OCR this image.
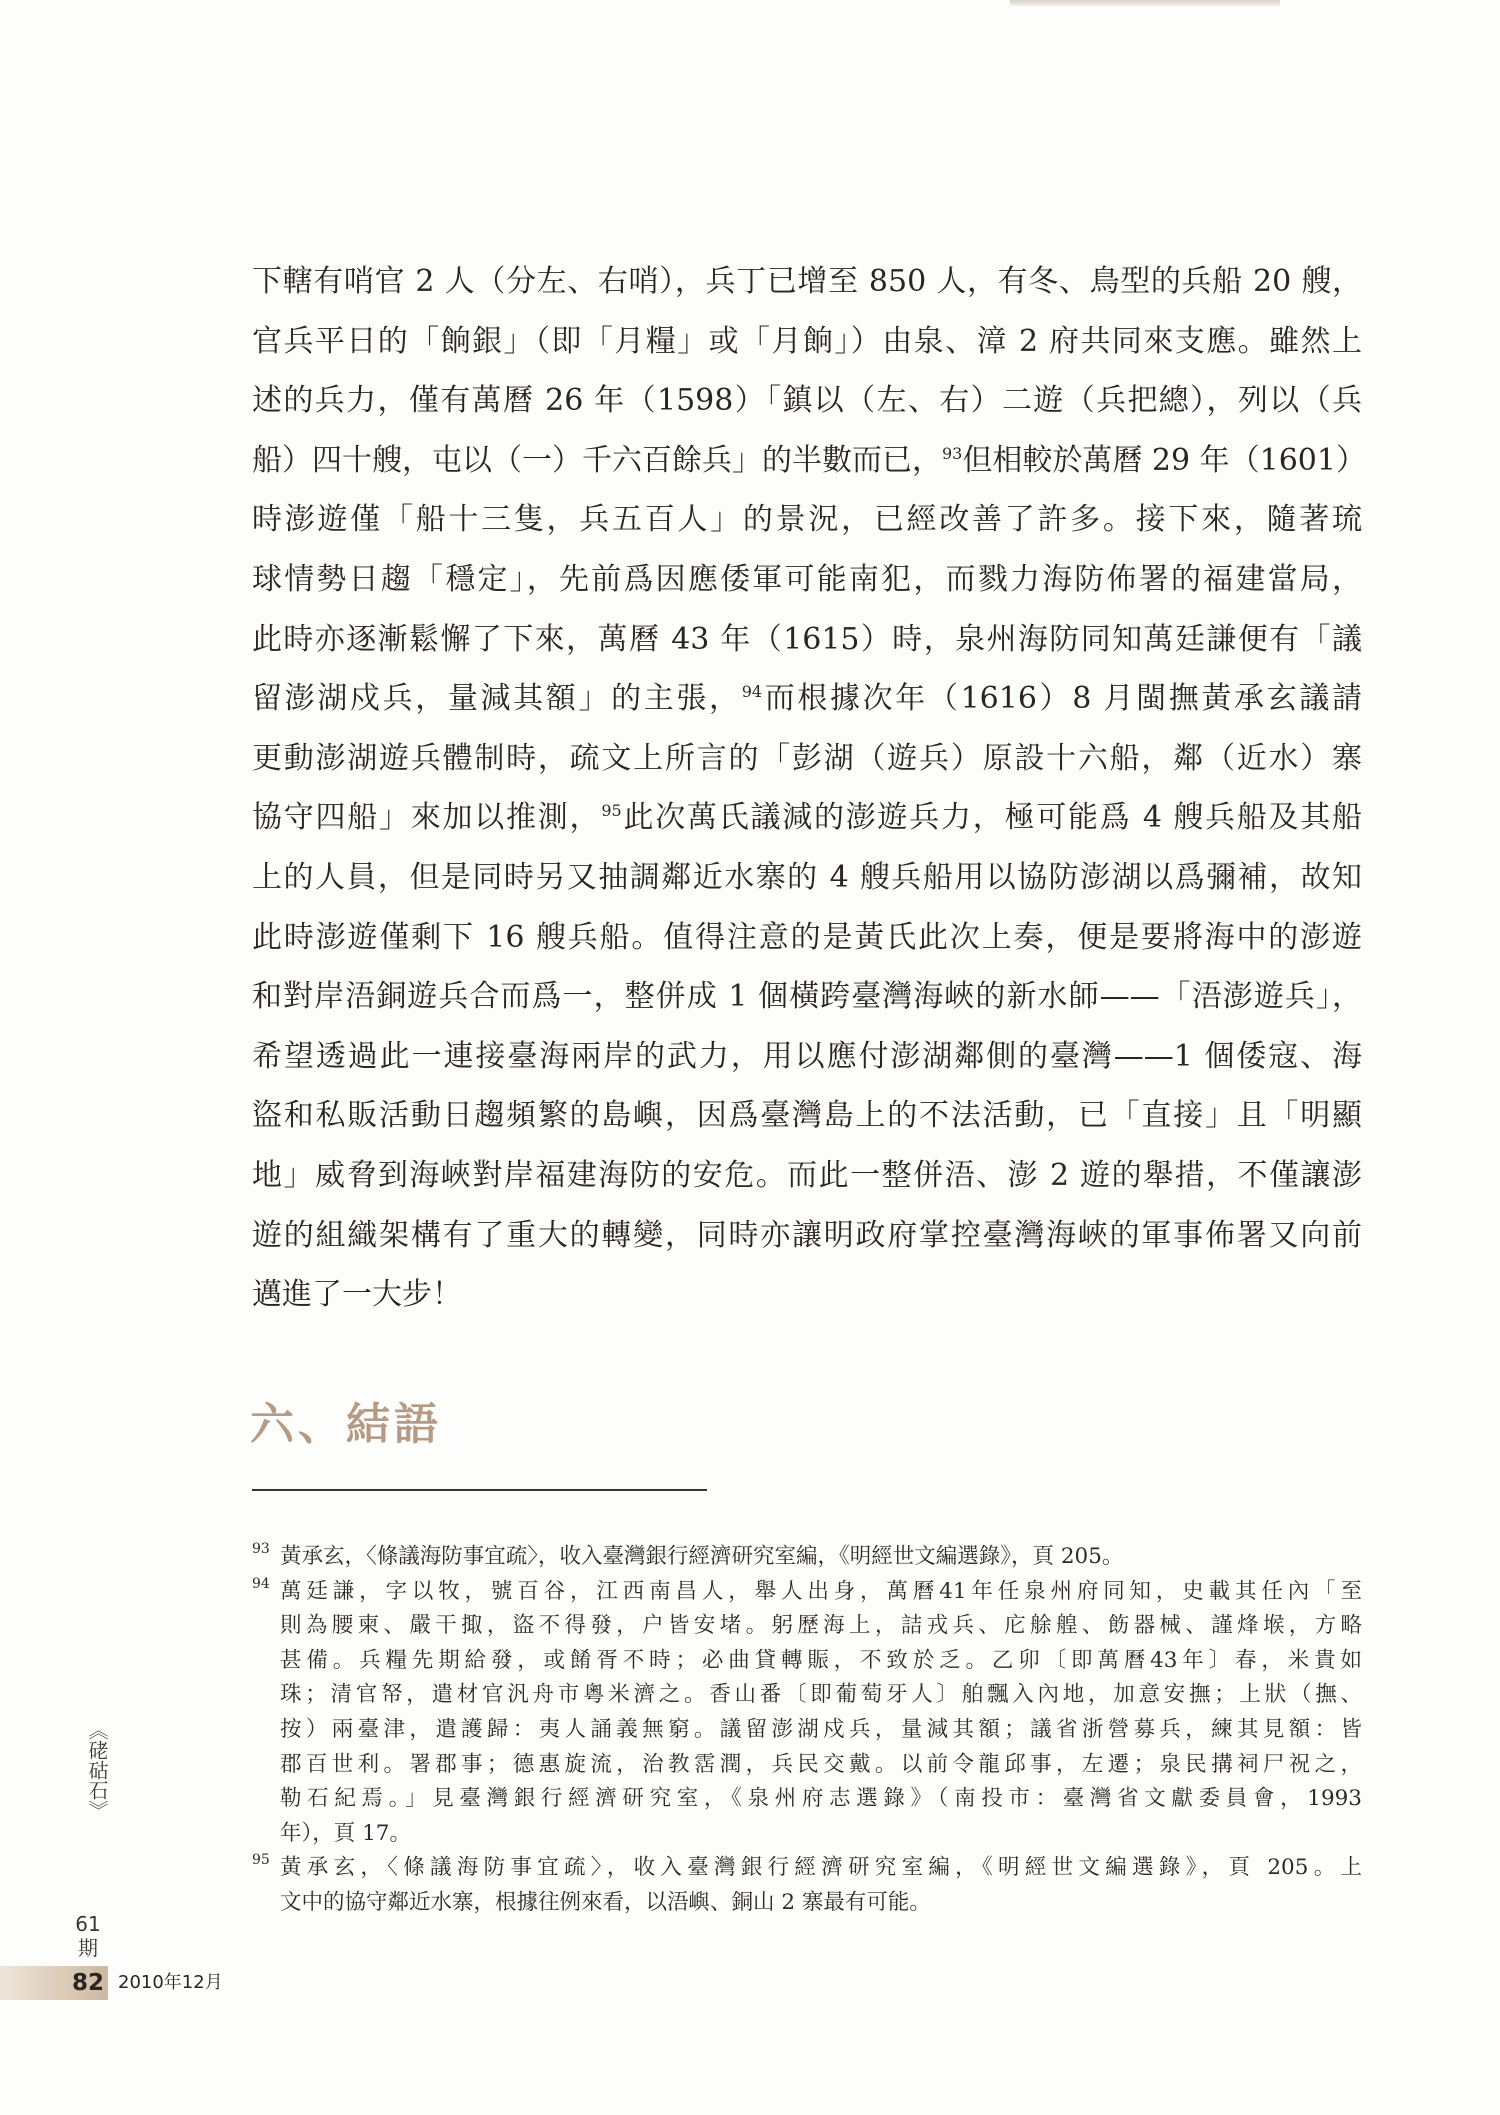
下轄有哨官 2 人（分左、右哨），兵丁已增至 850 人，有冬、鳥型的兵船 20 艘，
官兵平日的「餉銀」（即「月糧」或「月餉」）由泉、漳 2 府共同來支應。雖然上
述的兵力，僅有萬曆 26 年（1598）「鎮以（左、右）二遊（兵把總），列以（兵
船）四十艘，屯以（一）千六百餘兵」的半數而已，$^{93}$但相較於萬曆 29 年（1601）
時澎遊僅「船十三隻，兵五百人」的景況，已經改善了許多。接下來，隨著琉
球情勢日趨「穩定」，先前爲因應倭軍可能南犯，而戮力海防佈署的福建當局，
此時亦逐漸鬆懈了下來，萬曆 43 年（1615）時，泉州海防同知萬廷謙便有「議
留澎湖戍兵，量減其額」的主張，$^{94}$而根據次年（1616）8 月閩撫黃承玄議請
更動澎湖遊兵體制時，疏文上所言的「彭湖（遊兵）原設十六船，鄰（近水）寨
協守四船」來加以推測，$^{95}$此次萬氏議減的澎遊兵力，極可能爲 4 艘兵船及其船
上的人員，但是同時另又抽調鄰近水寨的 4 艘兵船用以協防澎湖以爲彌補，故知
此時澎遊僅剩下 16 艘兵船。值得注意的是黃氏此次上奏，便是要將海中的澎遊
和對岸浯銅遊兵合而爲一，整併成 1 個橫跨臺灣海峽的新水師——「浯澎遊兵」，
希望透過此一連接臺海兩岸的武力，用以應付澎湖鄰側的臺灣——1 個倭寇、海
盜和私販活動日趨頻繁的島嶼，因爲臺灣島上的不法活動，已「直接」且「明顯
地」威脅到海峽對岸福建海防的安危。而此一整併浯、澎 2 遊的舉措，不僅讓澎
遊的組織架構有了重大的轉變，同時亦讓明政府掌控臺灣海峽的軍事佈署又向前
邁進了一大步！
六、結語
93 黃承玄，〈條議海防事宜疏〉，收入臺灣銀行經濟研究室編，《明經世文編選錄》，頁 205。
94 萬廷謙，字以牧，號百谷，江西南昌人，舉人出身，萬曆41年任泉州府同知，史載其任內「至
則為腰柬、嚴干掫，盜不得發，户皆安堵。躬歷海上，詰戎兵、庀艅艎、飭器械、謹烽堠，方略
甚備。兵糧先期給發，或餚胥不時；必曲貸轉賑，不致於乏。乙卯〔即萬曆43年〕春，米貴如
珠；清官帑，遣材官汎舟市粵米濟之。香山番〔即葡萄牙人〕舶飄入內地，加意安撫；上狀（撫、
按）兩臺津，遣護歸：夷人誦義無窮。議留澎湖戍兵，量減其額；議省浙營募兵，練其見額：皆
郡百世利。署郡事；德惠旋流，治教霑潤，兵民交戴。以前令龍邱事，左遷；泉民搆祠尸祝之，
勒石紀焉。」見臺灣銀行經濟研究室，《泉州府志選錄》（南投市：臺灣省文獻委員會，1993
年），頁 17。
95 黃承玄，〈條議海防事宜疏〉，收入臺灣銀行經濟研究室編，《明經世文編選錄》，頁 205。上
文中的協守鄰近水寨，根據往例來看，以浯嶼、銅山 2 寨最有可能。
《硓𥑮石》
61
期
82 2010年12月
